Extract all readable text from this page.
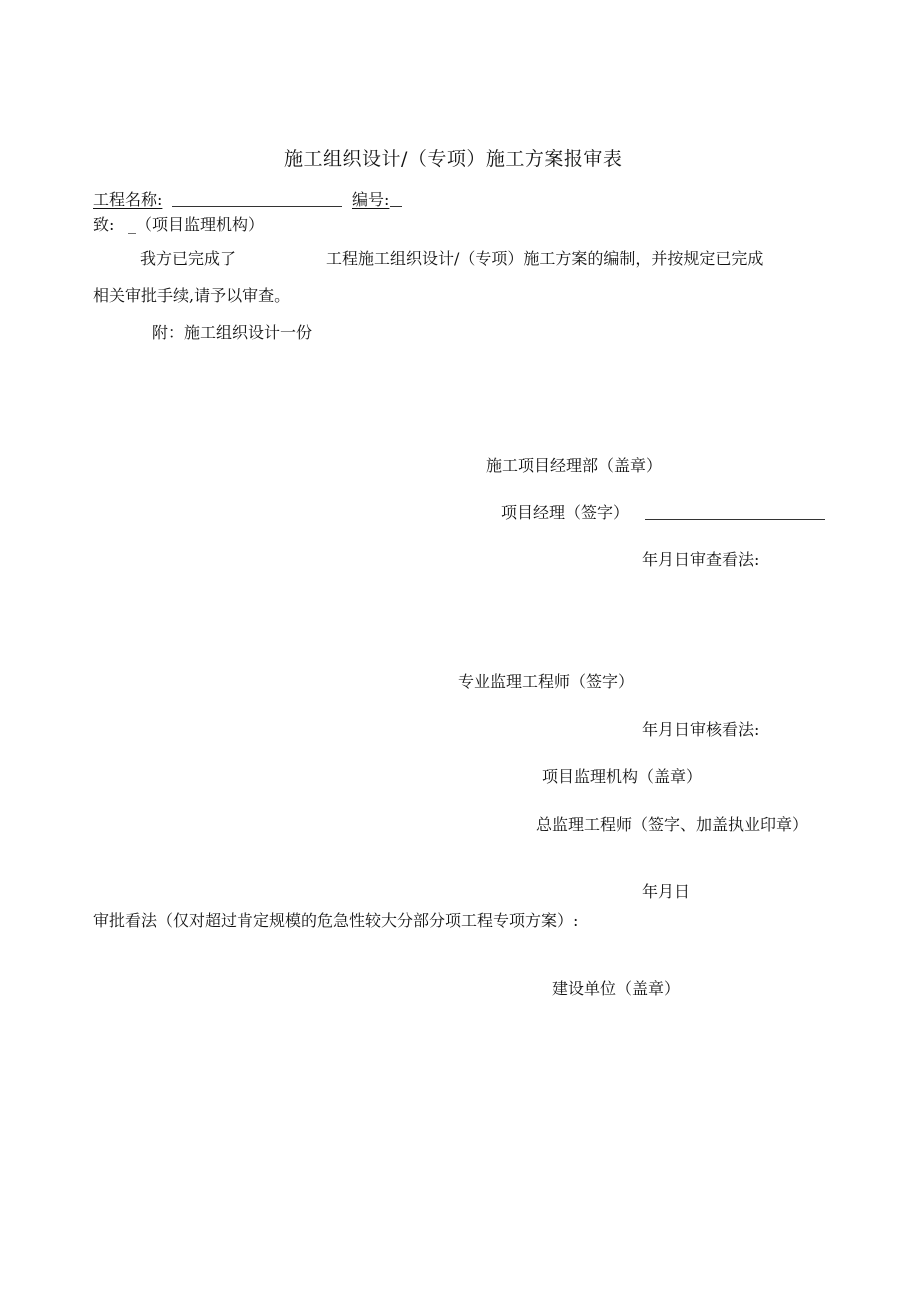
施工组织设计/（专项）施工方案报审表
工程名称:	编号:
致: _ （项目监理机构）
我方已完成了	工程施工组织设计/（专项）施工方案的编制，并按规定已完成
相关审批手续,请予以审查。
附：施工组织设计一份
施工项目经理部（盖章）
项目经理（签字）
年月日审查看法:
专业监理工程师（签字）
年月日审核看法:
项目监理机构（盖章）
总监理工程师（签字、加盖执业印章）
年月日
审批看法（仅对超过肯定规模的危急性较大分部分项工程专项方案）:
建设单位（盖章）
